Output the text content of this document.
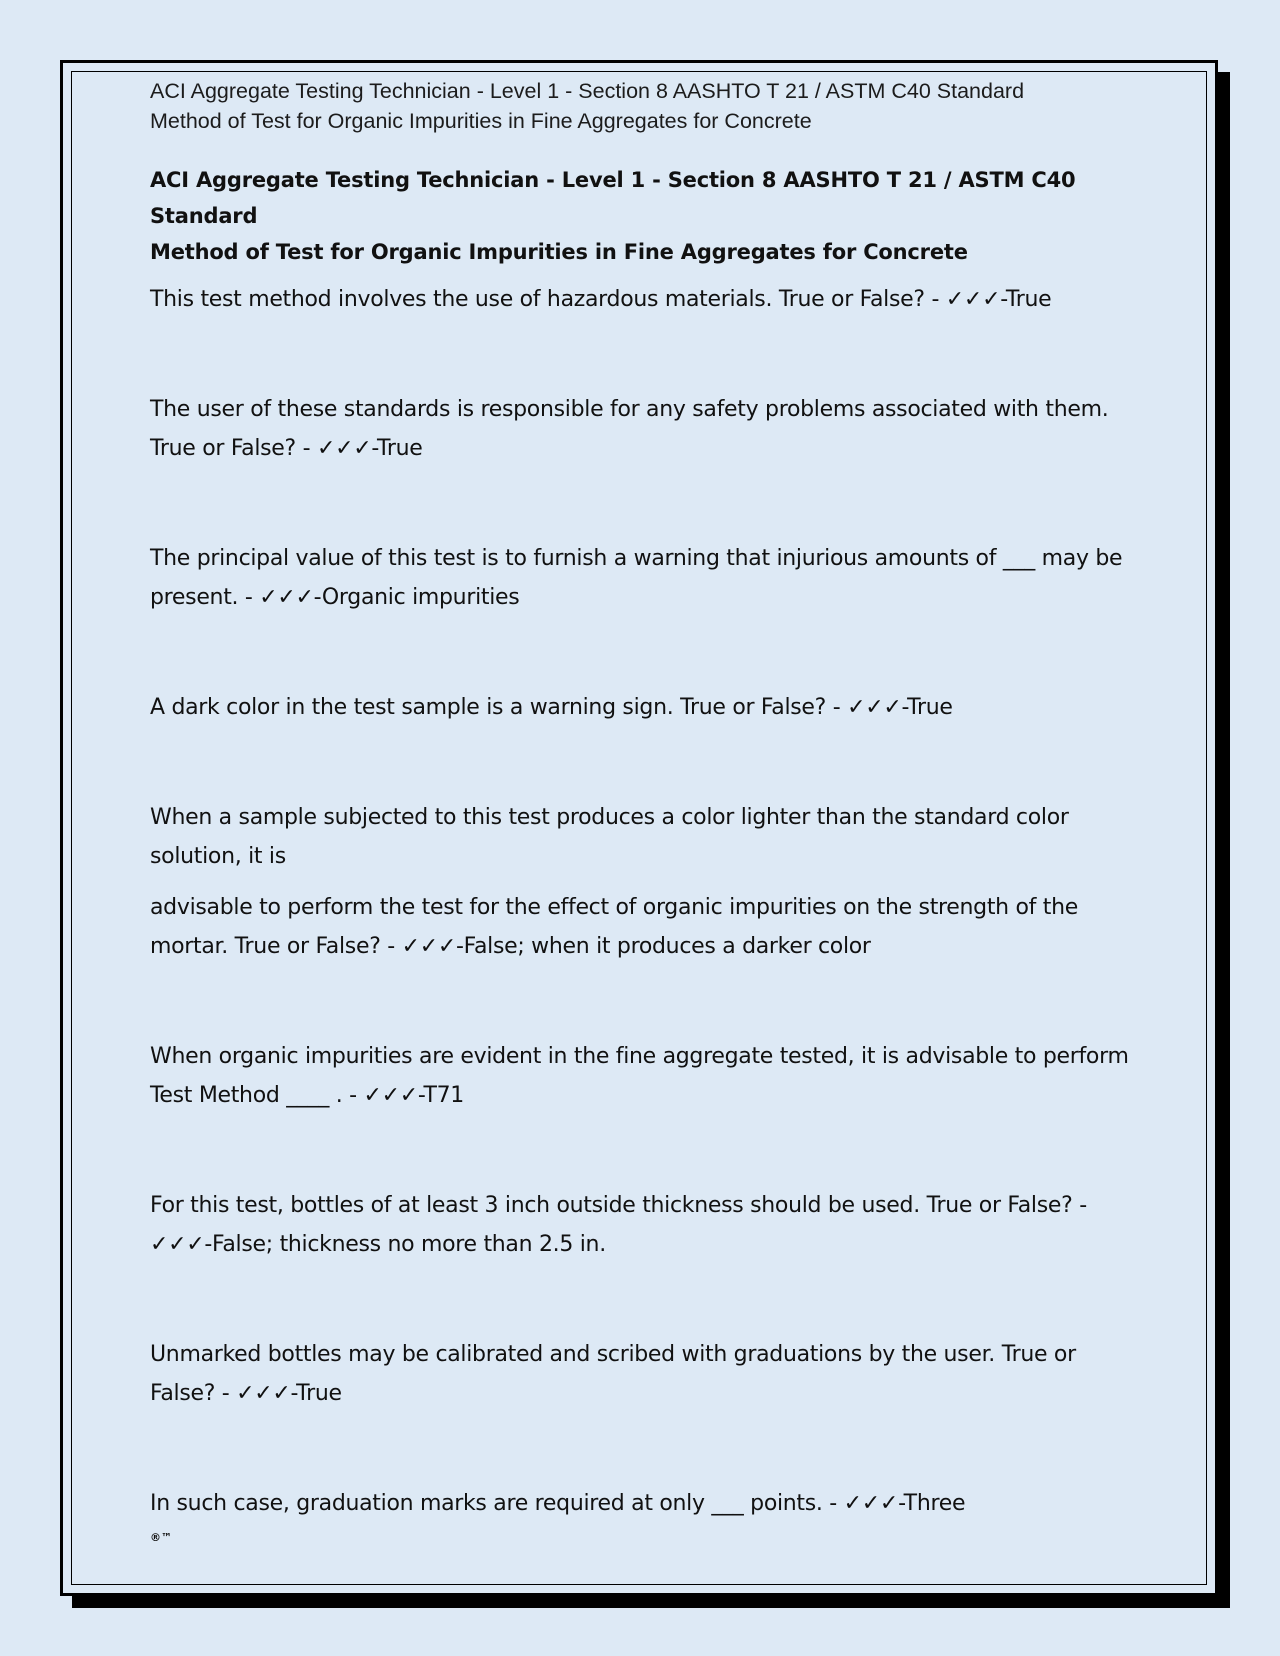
ACI Aggregate Testing Technician - Level 1 - Section 8 AASHTO T 21 / ASTM C40 Standard
Method of Test for Organic Impurities in Fine Aggregates for Concrete
ACI Aggregate Testing Technician - Level 1 - Section 8 AASHTO T 21 / ASTM C40 Standard
Method of Test for Organic Impurities in Fine Aggregates for Concrete

This test method involves the use of hazardous materials. True or False? - ✓✓✓-True

The user of these standards is responsible for any safety problems associated with them. True or False? - ✓✓✓-True

The principal value of this test is to furnish a warning that injurious amounts of ___ may be present. - ✓✓✓-Organic impurities

A dark color in the test sample is a warning sign. True or False? - ✓✓✓-True

When a sample subjected to this test produces a color lighter than the standard color solution, it is

advisable to perform the test for the effect of organic impurities on the strength of the mortar. True or False? - ✓✓✓-False; when it produces a darker color

When organic impurities are evident in the fine aggregate tested, it is advisable to perform Test Method ____ . - ✓✓✓-T71

For this test, bottles of at least 3 inch outside thickness should be used. True or False? - ✓✓✓-False; thickness no more than 2.5 in.

Unmarked bottles may be calibrated and scribed with graduations by the user. True or False? - ✓✓✓-True

In such case, graduation marks are required at only ___ points. - ✓✓✓-Three

®™
